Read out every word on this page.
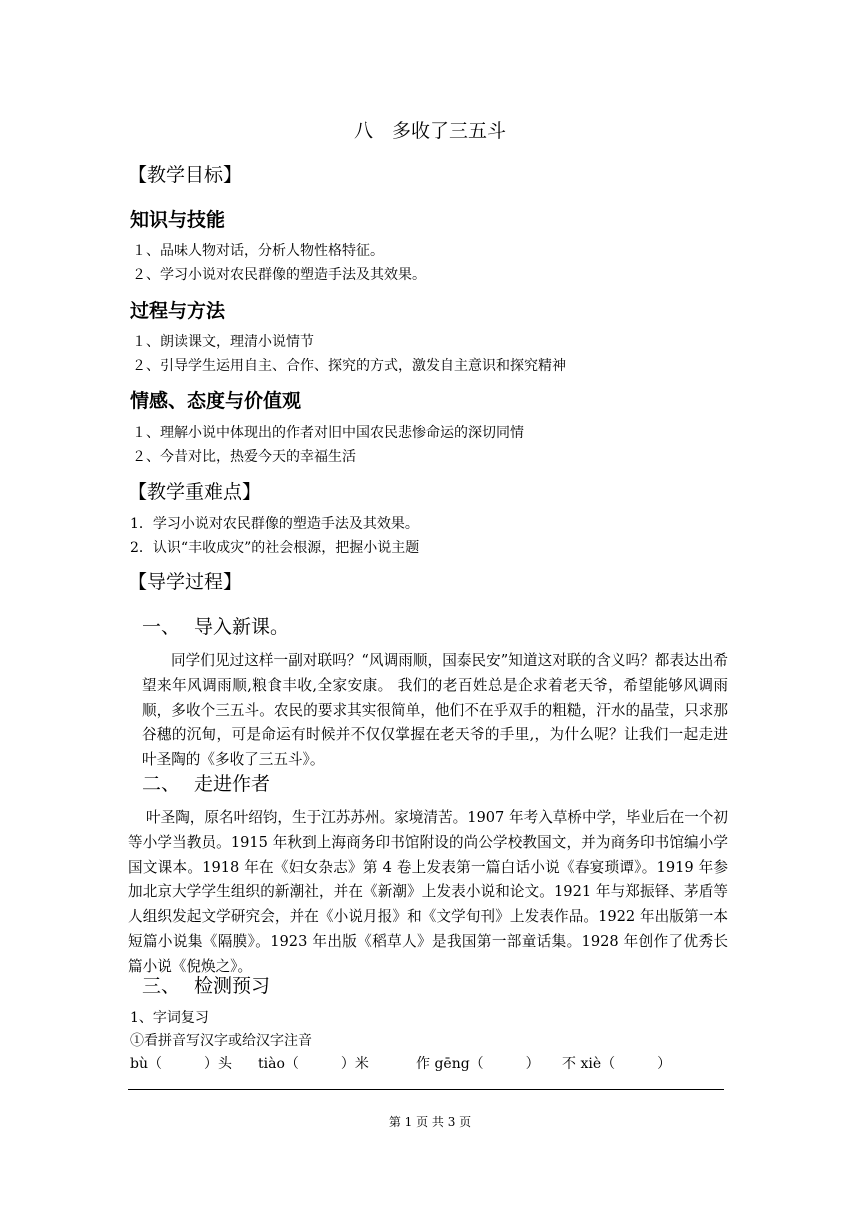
八　多收了三五斗
【教学目标】
知识与技能
１、品味人物对话，分析人物性格特征。
２、学习小说对农民群像的塑造手法及其效果。
过程与方法
１、朗读课文，理清小说情节
２、引导学生运用自主、合作、探究的方式，激发自主意识和探究精神
情感、态度与价值观
１、理解小说中体现出的作者对旧中国农民悲惨命运的深切同情
２、今昔对比，热爱今天的幸福生活
【教学重难点】
1．学习小说对农民群像的塑造手法及其效果。
2．认识“丰收成灾”的社会根源，把握小说主题
【导学过程】
一、 导入新课。
同学们见过这样一副对联吗？“风调雨顺，国泰民安”知道这对联的含义吗？都表达出希望来年风调雨顺,粮食丰收,全家安康。 我们的老百姓总是企求着老天爷，希望能够风调雨顺，多收个三五斗。农民的要求其实很简单，他们不在乎双手的粗糙，汗水的晶莹，只求那谷穗的沉甸，可是命运有时候并不仅仅掌握在老天爷的手里,，为什么呢？让我们一起走进叶圣陶的《多收了三五斗》。
二、 走进作者
叶圣陶，原名叶绍钧，生于江苏苏州。家境清苦。1907 年考入草桥中学，毕业后在一个初等小学当教员。1915 年秋到上海商务印书馆附设的尚公学校教国文，并为商务印书馆编小学国文课本。1918 年在《妇女杂志》第 4 卷上发表第一篇白话小说《春宴琐谭》。1919 年参加北京大学学生组织的新潮社，并在《新潮》上发表小说和论文。1921 年与郑振铎、茅盾等人组织发起文学研究会，并在《小说月报》和《文学旬刊》上发表作品。1922 年出版第一本短篇小说集《隔膜》。1923 年出版《稻草人》是我国第一部童话集。1928 年创作了优秀长篇小说《倪焕之》。
三、 检测预习
1、字词复习
①看拼音写汉字或给汉字注音
bù（　　　）头 tiào（　　　）米	作 gēng（　　　） 不 xiè（　　　）
第 1 页 共 3 页
